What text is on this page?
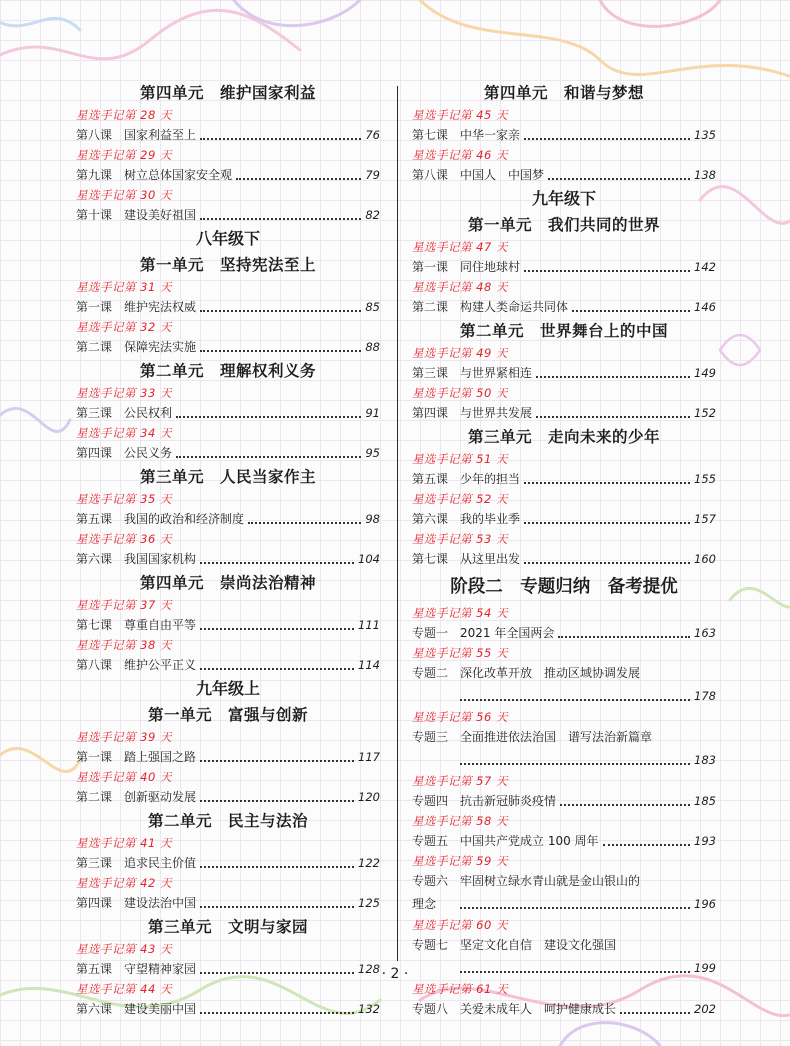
第四单元　维护国家利益
星选手记第 28 天
第八课　国家利益至上	76
星选手记第 29 天
第九课　树立总体国家安全观	79
星选手记第 30 天
第十课　建设美好祖国	82
八年级下
第一单元　坚持宪法至上
星选手记第 31 天
第一课　维护宪法权威	85
星选手记第 32 天
第二课　保障宪法实施	88
第二单元　理解权利义务
星选手记第 33 天
第三课　公民权利	91
星选手记第 34 天
第四课　公民义务	95
第三单元　人民当家作主
星选手记第 35 天
第五课　我国的政治和经济制度	98
星选手记第 36 天
第六课　我国国家机构	104
第四单元　崇尚法治精神
星选手记第 37 天
第七课　尊重自由平等	111
星选手记第 38 天
第八课　维护公平正义	114
九年级上
第一单元　富强与创新
星选手记第 39 天
第一课　踏上强国之路	117
星选手记第 40 天
第二课　创新驱动发展	120
第二单元　民主与法治
星选手记第 41 天
第三课　追求民主价值	122
星选手记第 42 天
第四课　建设法治中国	125
第三单元　文明与家园
星选手记第 43 天
第五课　守望精神家园	128
星选手记第 44 天
第六课　建设美丽中国	132
第四单元　和谐与梦想
星选手记第 45 天
第七课　中华一家亲	135
星选手记第 46 天
第八课　中国人　中国梦	138
九年级下
第一单元　我们共同的世界
星选手记第 47 天
第一课　同住地球村	142
星选手记第 48 天
第二课　构建人类命运共同体	146
第二单元　世界舞台上的中国
星选手记第 49 天
第三课　与世界紧相连	149
星选手记第 50 天
第四课　与世界共发展	152
第三单元　走向未来的少年
星选手记第 51 天
第五课　少年的担当	155
星选手记第 52 天
第六课　我的毕业季	157
星选手记第 53 天
第七课　从这里出发	160
阶段二　专题归纳　备考提优
星选手记第 54 天
专题一　2021 年全国两会	163
星选手记第 55 天
专题二　深化改革开放　推动区域协调发展
178
星选手记第 56 天
专题三　全面推进依法治国　谱写法治新篇章
183
星选手记第 57 天
专题四　抗击新冠肺炎疫情	185
星选手记第 58 天
专题五　中国共产党成立 100 周年	193
星选手记第 59 天
专题六　牢固树立绿水青山就是金山银山的
理念	196
星选手记第 60 天
专题七　坚定文化自信　建设文化强国
199
星选手记第 61 天
专题八　关爱未成年人　呵护健康成长	202
· 2 ·
